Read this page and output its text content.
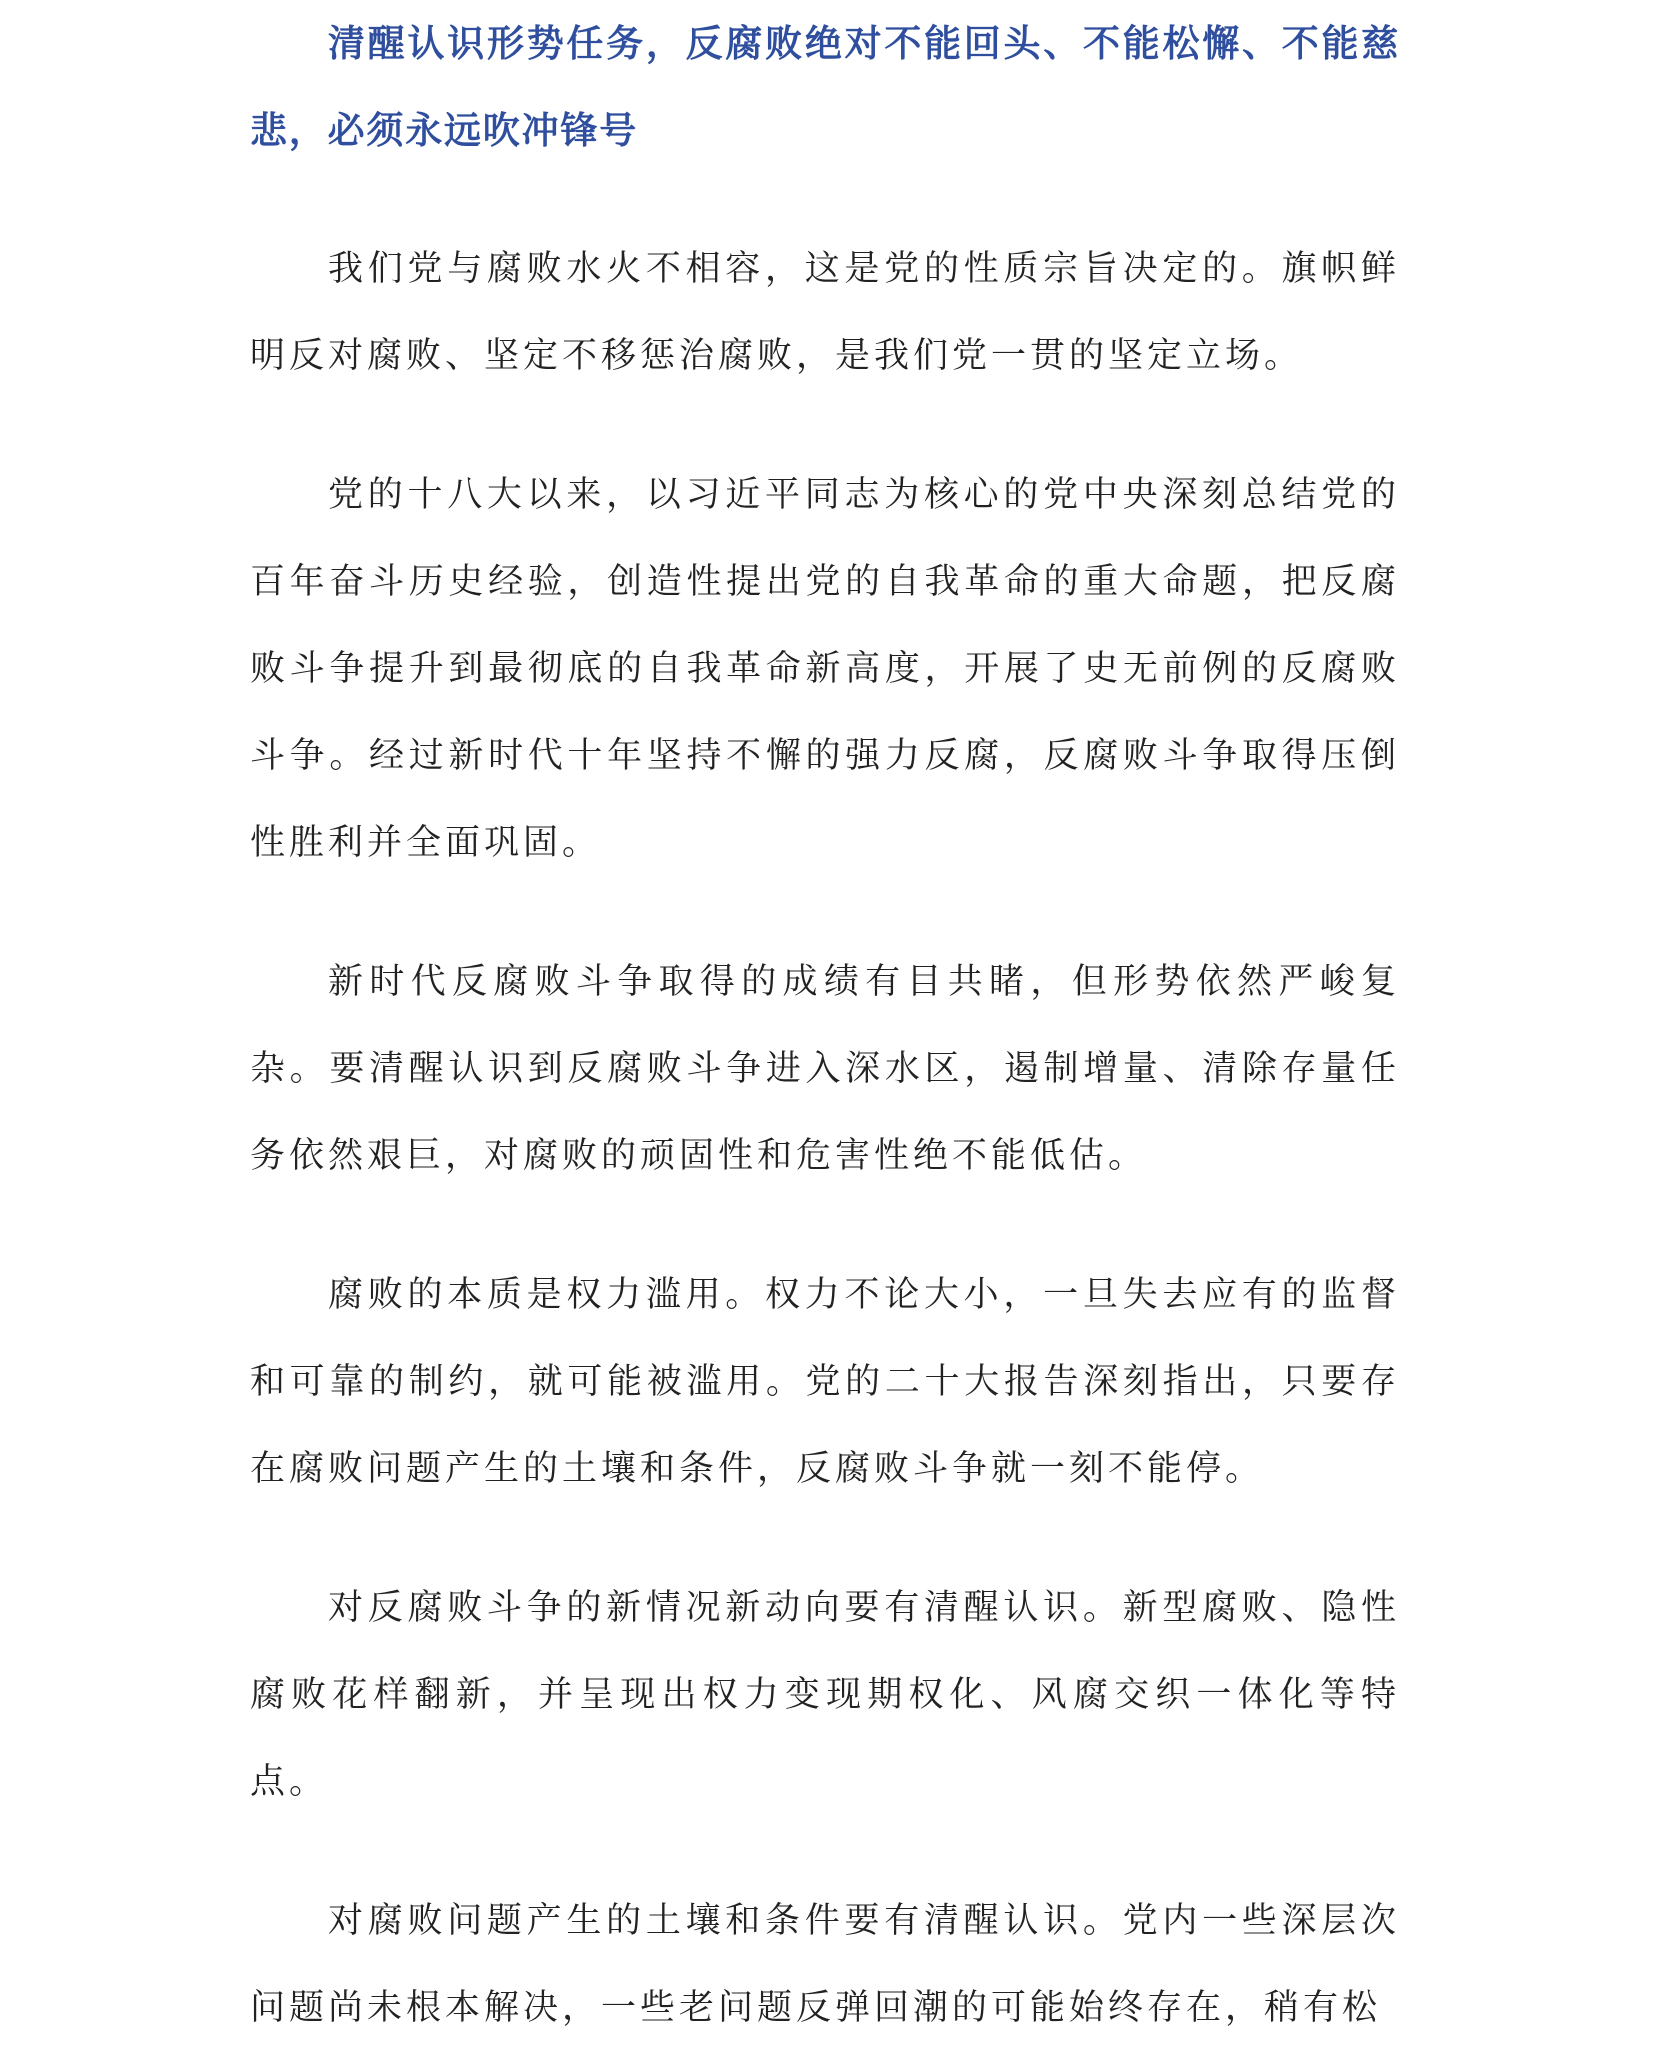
清醒认识形势任务，反腐败绝对不能回头、不能松懈、不能慈悲，必须永远吹冲锋号

我们党与腐败水火不相容，这是党的性质宗旨决定的。旗帜鲜明反对腐败、坚定不移惩治腐败，是我们党一贯的坚定立场。

党的十八大以来，以习近平同志为核心的党中央深刻总结党的百年奋斗历史经验，创造性提出党的自我革命的重大命题，把反腐败斗争提升到最彻底的自我革命新高度，开展了史无前例的反腐败斗争。经过新时代十年坚持不懈的强力反腐，反腐败斗争取得压倒性胜利并全面巩固。

新时代反腐败斗争取得的成绩有目共睹，但形势依然严峻复杂。要清醒认识到反腐败斗争进入深水区，遏制增量、清除存量任务依然艰巨，对腐败的顽固性和危害性绝不能低估。

腐败的本质是权力滥用。权力不论大小，一旦失去应有的监督和可靠的制约，就可能被滥用。党的二十大报告深刻指出，只要存在腐败问题产生的土壤和条件，反腐败斗争就一刻不能停。

对反腐败斗争的新情况新动向要有清醒认识。新型腐败、隐性腐败花样翻新，并呈现出权力变现期权化、风腐交织一体化等特点。

对腐败问题产生的土壤和条件要有清醒认识。党内一些深层次问题尚未根本解决，一些老问题反弹回潮的可能始终存在，稍有松
